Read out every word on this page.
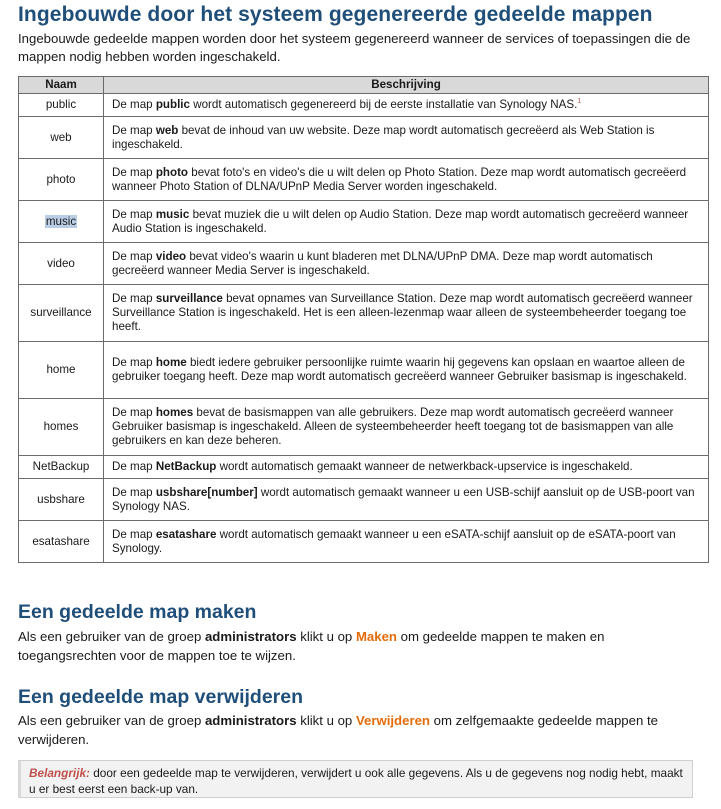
Ingebouwde door het systeem gegenereerde gedeelde mappen
Ingebouwde gedeelde mappen worden door het systeem gegenereerd wanneer de services of toepassingen die de mappen nodig hebben worden ingeschakeld.
Naam	Beschrijving
public	De map public wordt automatisch gegenereerd bij de eerste installatie van Synology NAS.$^1$
web	De map web bevat de inhoud van uw website. Deze map wordt automatisch gecreëerd als Web Station is ingeschakeld.
photo	De map photo bevat foto's en video's die u wilt delen op Photo Station. Deze map wordt automatisch gecreëerd wanneer Photo Station of DLNA/UPnP Media Server worden ingeschakeld.
music	De map music bevat muziek die u wilt delen op Audio Station. Deze map wordt automatisch gecreëerd wanneer Audio Station is ingeschakeld.
video	De map video bevat video's waarin u kunt bladeren met DLNA/UPnP DMA. Deze map wordt automatisch gecreëerd wanneer Media Server is ingeschakeld.
surveillance	De map surveillance bevat opnames van Surveillance Station. Deze map wordt automatisch gecreëerd wanneer Surveillance Station is ingeschakeld. Het is een alleen-lezenmap waar alleen de systeembeheerder toegang toe heeft.
home	De map home biedt iedere gebruiker persoonlijke ruimte waarin hij gegevens kan opslaan en waartoe alleen de gebruiker toegang heeft. Deze map wordt automatisch gecreëerd wanneer Gebruiker basismap is ingeschakeld.
homes	De map homes bevat de basismappen van alle gebruikers. Deze map wordt automatisch gecreëerd wanneer Gebruiker basismap is ingeschakeld. Alleen de systeembeheerder heeft toegang tot de basismappen van alle gebruikers en kan deze beheren.
NetBackup	De map NetBackup wordt automatisch gemaakt wanneer de netwerkback-upservice is ingeschakeld.
usbshare	De map usbshare[number] wordt automatisch gemaakt wanneer u een USB-schijf aansluit op de USB-poort van Synology NAS.
esatashare	De map esatashare wordt automatisch gemaakt wanneer u een eSATA-schijf aansluit op de eSATA-poort van Synology.
Een gedeelde map maken
Als een gebruiker van de groep administrators klikt u op Maken om gedeelde mappen te maken en toegangsrechten voor de mappen toe te wijzen.
Een gedeelde map verwijderen
Als een gebruiker van de groep administrators klikt u op Verwijderen om zelfgemaakte gedeelde mappen te verwijderen.
Belangrijk: door een gedeelde map te verwijderen, verwijdert u ook alle gegevens. Als u de gegevens nog nodig hebt, maakt u er best eerst een back-up van.
